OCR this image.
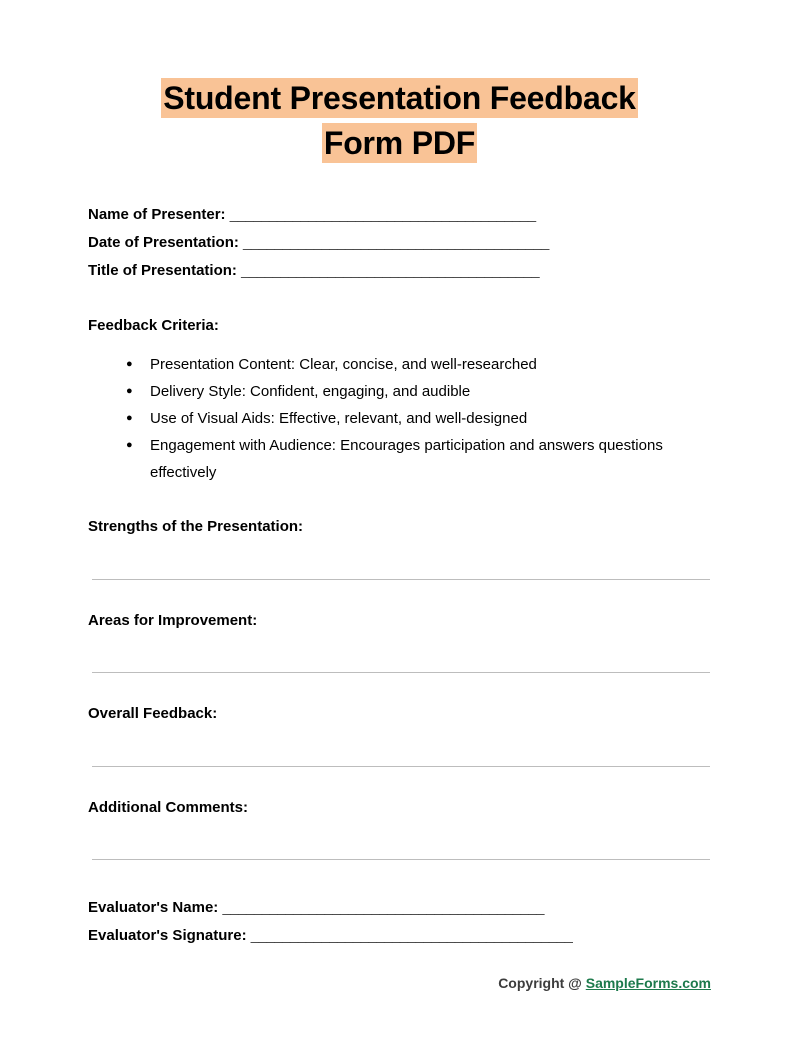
Student Presentation Feedback
Form PDF
Name of Presenter: _______________________________________
Date of Presentation: _______________________________________
Title of Presentation: ______________________________________
Feedback Criteria:
● Presentation Content: Clear, concise, and well-researched
● Delivery Style: Confident, engaging, and audible
● Use of Visual Aids: Effective, relevant, and well-designed
● Engagement with Audience: Encourages participation and answers questions effectively
Strengths of the Presentation:
Areas for Improvement:
Overall Feedback:
Additional Comments:
Evaluator's Name: _________________________________________
Evaluator's Signature: _________________________________________
Copyright @ SampleForms.com
